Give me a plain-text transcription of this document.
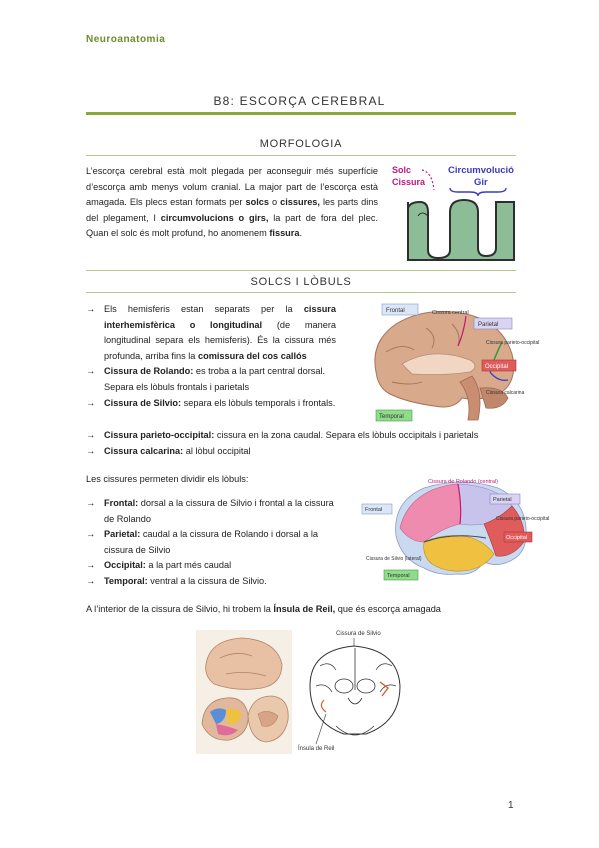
Neuroanatomia
B8: ESCORÇA CEREBRAL
MORFOLOGIA
L’escorça cerebral està molt plegada per aconseguir més superfície d’escorça amb menys volum cranial. La major part de l’escorça està amagada. Els plecs estan formats per solcs o cissures, les parts dins del plegament, I circumvolucions o girs, la part de fora del plec. Quan el solc és molt profund, ho anomenem fissura.
Solc
Cissura
Circumvolució
Gir
SOLCS I LÒBULS
→ Els hemisferis estan separats per la cissura interhemisfèrica o longitudinal (de manera longitudinal separa els hemisferis). És la cissura més profunda, arriba fins la comissura del cos callós
→ Cissura de Rolando: es troba a la part central dorsal. Separa els lòbuls frontals i parietals
→ Cissura de Silvio: separa els lòbuls temporals i frontals.
→ Cissura parieto-occipital: cissura en la zona caudal. Separa els lòbuls occipitals i parietals
→ Cissura calcarina: al lòbul occipital
Frontal	Cissura central
Parietal
Cissura parieto-occipital
Occipital
Cissura calcarina
Temporal
Les cissures permeten dividir els lòbuls:
→ Frontal: dorsal a la cissura de Silvio i frontal a la cissura de Rolando
→ Parietal: caudal a la cissura de Rolando i dorsal a la cissura de Silvio
→ Occipital: a la part més caudal
→ Temporal: ventral a la cissura de Silvio.
Cissura de Rolando (central)
Parietal
Frontal
Cissura parieto-occipital
Occipital
Cissura de Silvio (lateral)
Temporal
A l’interior de la cissura de Silvio, hi trobem la Ínsula de Reil, que és escorça amagada
Cissura de Silvio
Ínsula de Reil
1
